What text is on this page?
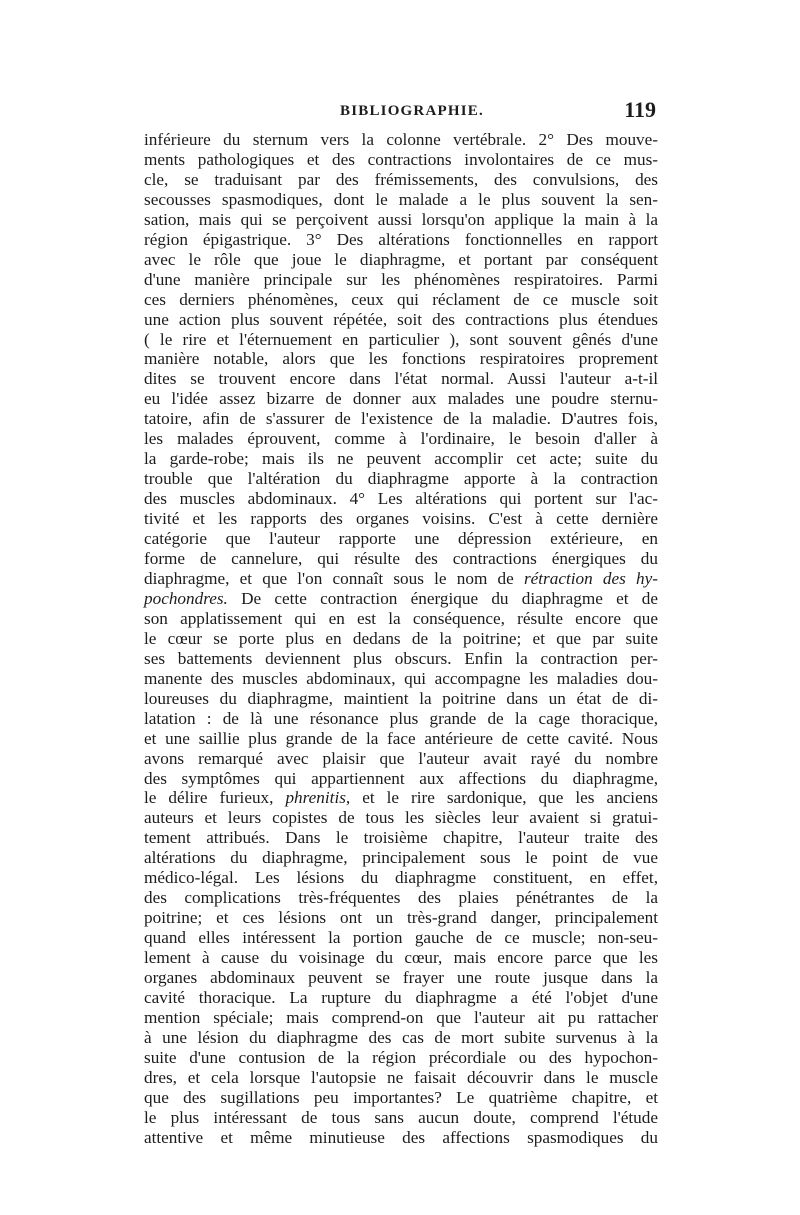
BIBLIOGRAPHIE.	119
inférieure du sternum vers la colonne vertébrale. 2° Des mouve-
ments pathologiques et des contractions involontaires de ce mus-
cle, se traduisant par des frémissements, des convulsions, des
secousses spasmodiques, dont le malade a le plus souvent la sen-
sation, mais qui se perçoivent aussi lorsqu'on applique la main à la
région épigastrique. 3° Des altérations fonctionnelles en rapport
avec le rôle que joue le diaphragme, et portant par conséquent
d'une manière principale sur les phénomènes respiratoires. Parmi
ces derniers phénomènes, ceux qui réclament de ce muscle soit
une action plus souvent répétée, soit des contractions plus étendues
( le rire et l'éternuement en particulier ), sont souvent gênés d'une
manière notable, alors que les fonctions respiratoires proprement
dites se trouvent encore dans l'état normal. Aussi l'auteur a-t-il
eu l'idée assez bizarre de donner aux malades une poudre sternu-
tatoire, afin de s'assurer de l'existence de la maladie. D'autres fois,
les malades éprouvent, comme à l'ordinaire, le besoin d'aller à
la garde-robe; mais ils ne peuvent accomplir cet acte; suite du
trouble que l'altération du diaphragme apporte à la contraction
des muscles abdominaux. 4° Les altérations qui portent sur l'ac-
tivité et les rapports des organes voisins. C'est à cette dernière
catégorie que l'auteur rapporte une dépression extérieure, en
forme de cannelure, qui résulte des contractions énergiques du
diaphragme, et que l'on connaît sous le nom de rétraction des hy-
pochondres. De cette contraction énergique du diaphragme et de
son applatissement qui en est la conséquence, résulte encore que
le cœur se porte plus en dedans de la poitrine; et que par suite
ses battements deviennent plus obscurs. Enfin la contraction per-
manente des muscles abdominaux, qui accompagne les maladies dou-
loureuses du diaphragme, maintient la poitrine dans un état de di-
latation : de là une résonance plus grande de la cage thoracique,
et une saillie plus grande de la face antérieure de cette cavité. Nous
avons remarqué avec plaisir que l'auteur avait rayé du nombre
des symptômes qui appartiennent aux affections du diaphragme,
le délire furieux, phrenitis, et le rire sardonique, que les anciens
auteurs et leurs copistes de tous les siècles leur avaient si gratui-
tement attribués. Dans le troisième chapitre, l'auteur traite des
altérations du diaphragme, principalement sous le point de vue
médico-légal. Les lésions du diaphragme constituent, en effet,
des complications très-fréquentes des plaies pénétrantes de la
poitrine; et ces lésions ont un très-grand danger, principalement
quand elles intéressent la portion gauche de ce muscle; non-seu-
lement à cause du voisinage du cœur, mais encore parce que les
organes abdominaux peuvent se frayer une route jusque dans la
cavité thoracique. La rupture du diaphragme a été l'objet d'une
mention spéciale; mais comprend-on que l'auteur ait pu rattacher
à une lésion du diaphragme des cas de mort subite survenus à la
suite d'une contusion de la région précordiale ou des hypochon-
dres, et cela lorsque l'autopsie ne faisait découvrir dans le muscle
que des sugillations peu importantes? Le quatrième chapitre, et
le plus intéressant de tous sans aucun doute, comprend l'étude
attentive et même minutieuse des affections spasmodiques du
